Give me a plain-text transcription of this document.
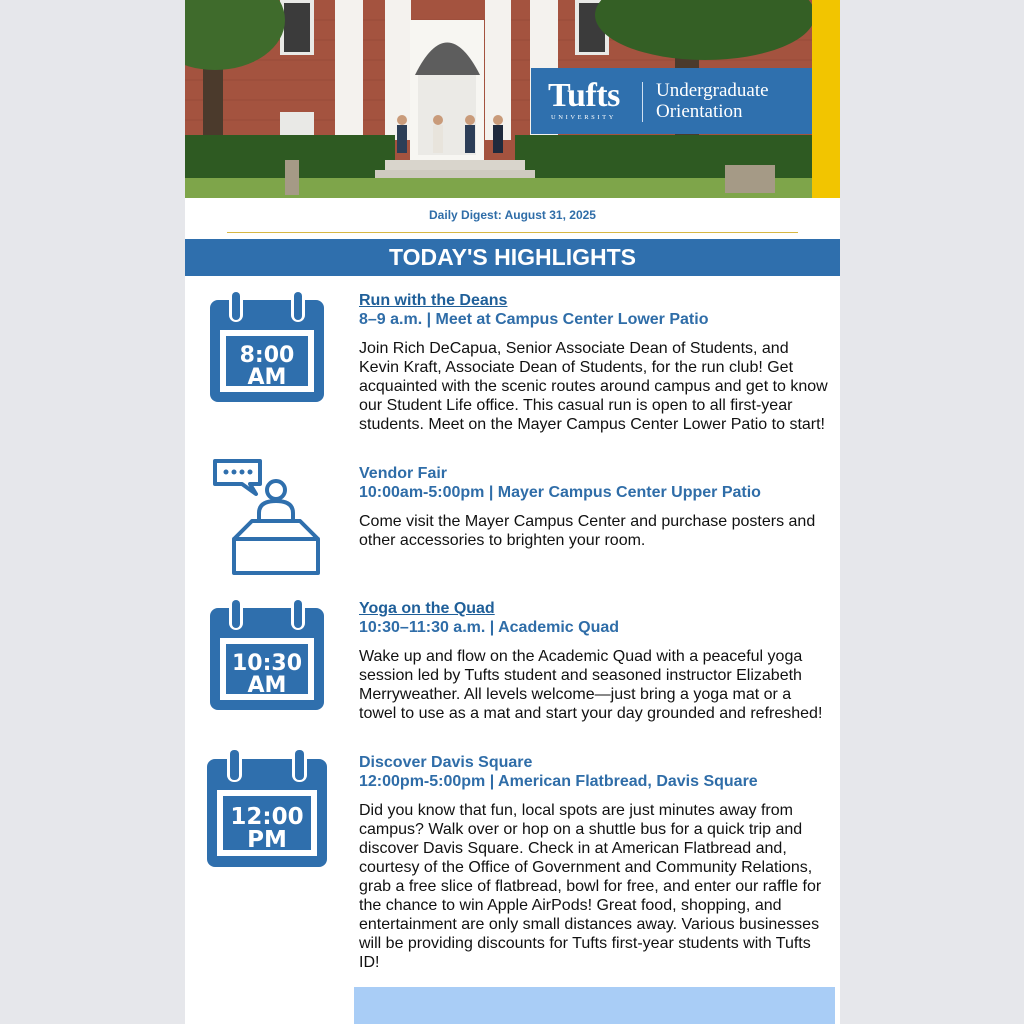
Tufts
UNIVERSITY
Undergraduate Orientation
Daily Digest: August 31, 2025
TODAY'S HIGHLIGHTS
8:00
AM
10:30
AM
12:00
PM
Run with the Deans
8–9 a.m. | Meet at Campus Center Lower Patio
Join Rich DeCapua, Senior Associate Dean of Students, and Kevin Kraft, Associate Dean of Students, for the run club! Get acquainted with the scenic routes around campus and get to know our Student Life office. This casual run is open to all first-year students. Meet on the Mayer Campus Center Lower Patio to start!
Vendor Fair
10:00am-5:00pm | Mayer Campus Center Upper Patio
Come visit the Mayer Campus Center and purchase posters and other accessories to brighten your room.
Yoga on the Quad
10:30–11:30 a.m. | Academic Quad
Wake up and flow on the Academic Quad with a peaceful yoga session led by Tufts student and seasoned instructor Elizabeth Merryweather. All levels welcome—just bring a yoga mat or a towel to use as a mat and start your day grounded and refreshed!
Discover Davis Square
12:00pm-5:00pm | American Flatbread, Davis Square
Did you know that fun, local spots are just minutes away from campus? Walk over or hop on a shuttle bus for a quick trip and discover Davis Square. Check in at American Flatbread and, courtesy of the Office of Government and Community Relations, grab a free slice of flatbread, bowl for free, and enter our raffle for the chance to win Apple AirPods! Great food, shopping, and entertainment are only small distances away. Various businesses will be providing discounts for Tufts first-year students with Tufts ID!
